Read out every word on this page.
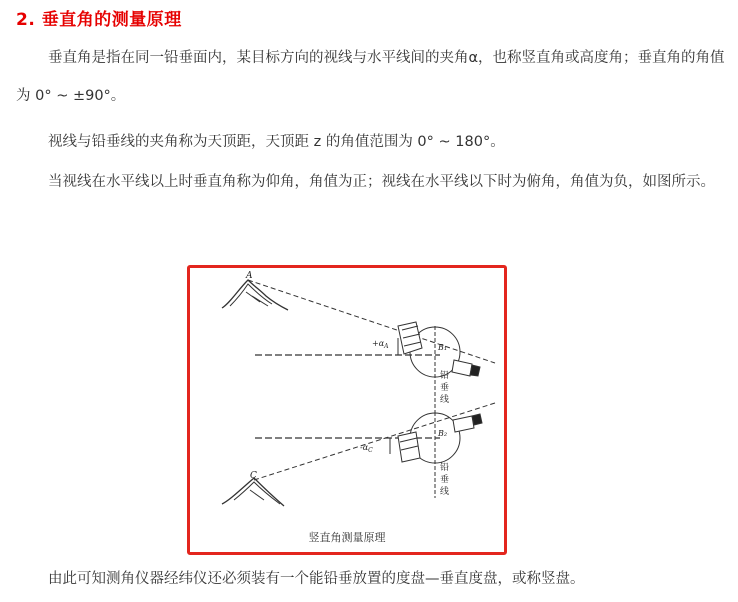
2. 垂直角的测量原理

垂直角是指在同一铅垂面内，某目标方向的视线与水平线间的夹角α，也称竖直角或高度角；垂直角的角值为 0° ~ ±90°。

视线与铅垂线的夹角称为天顶距，天顶距 z 的角值范围为 0° ~ 180°。

当视线在水平线以上时垂直角称为仰角，角值为正；视线在水平线以下时为俯角，角值为负，如图所示。

A
C
B₁
B₂
$+\alpha_A$
$-\alpha_C$
铅
垂
线
铅
垂
线
竖直角测量原理

由此可知测角仪器经纬仪还必须装有一个能铅垂放置的度盘—垂直度盘，或称竖盘。
